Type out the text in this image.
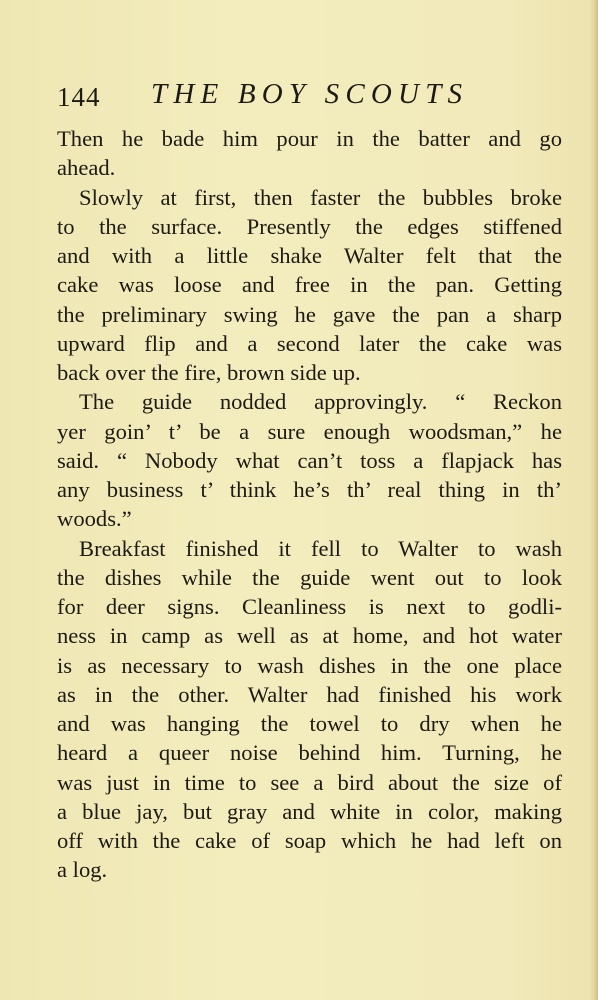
144 THE BOY SCOUTS
Then he bade him pour in the batter and go
ahead.
Slowly at first, then faster the bubbles broke
to the surface. Presently the edges stiffened
and with a little shake Walter felt that the
cake was loose and free in the pan. Getting
the preliminary swing he gave the pan a sharp
upward flip and a second later the cake was
back over the fire, brown side up.
The guide nodded approvingly. “ Reckon
yer goin’ t’ be a sure enough woodsman,” he
said. “ Nobody what can’t toss a flapjack has
any business t’ think he’s th’ real thing in th’
woods.”
Breakfast finished it fell to Walter to wash
the dishes while the guide went out to look
for deer signs. Cleanliness is next to godli-
ness in camp as well as at home, and hot water
is as necessary to wash dishes in the one place
as in the other. Walter had finished his work
and was hanging the towel to dry when he
heard a queer noise behind him. Turning, he
was just in time to see a bird about the size of
a blue jay, but gray and white in color, making
off with the cake of soap which he had left on
a log.
